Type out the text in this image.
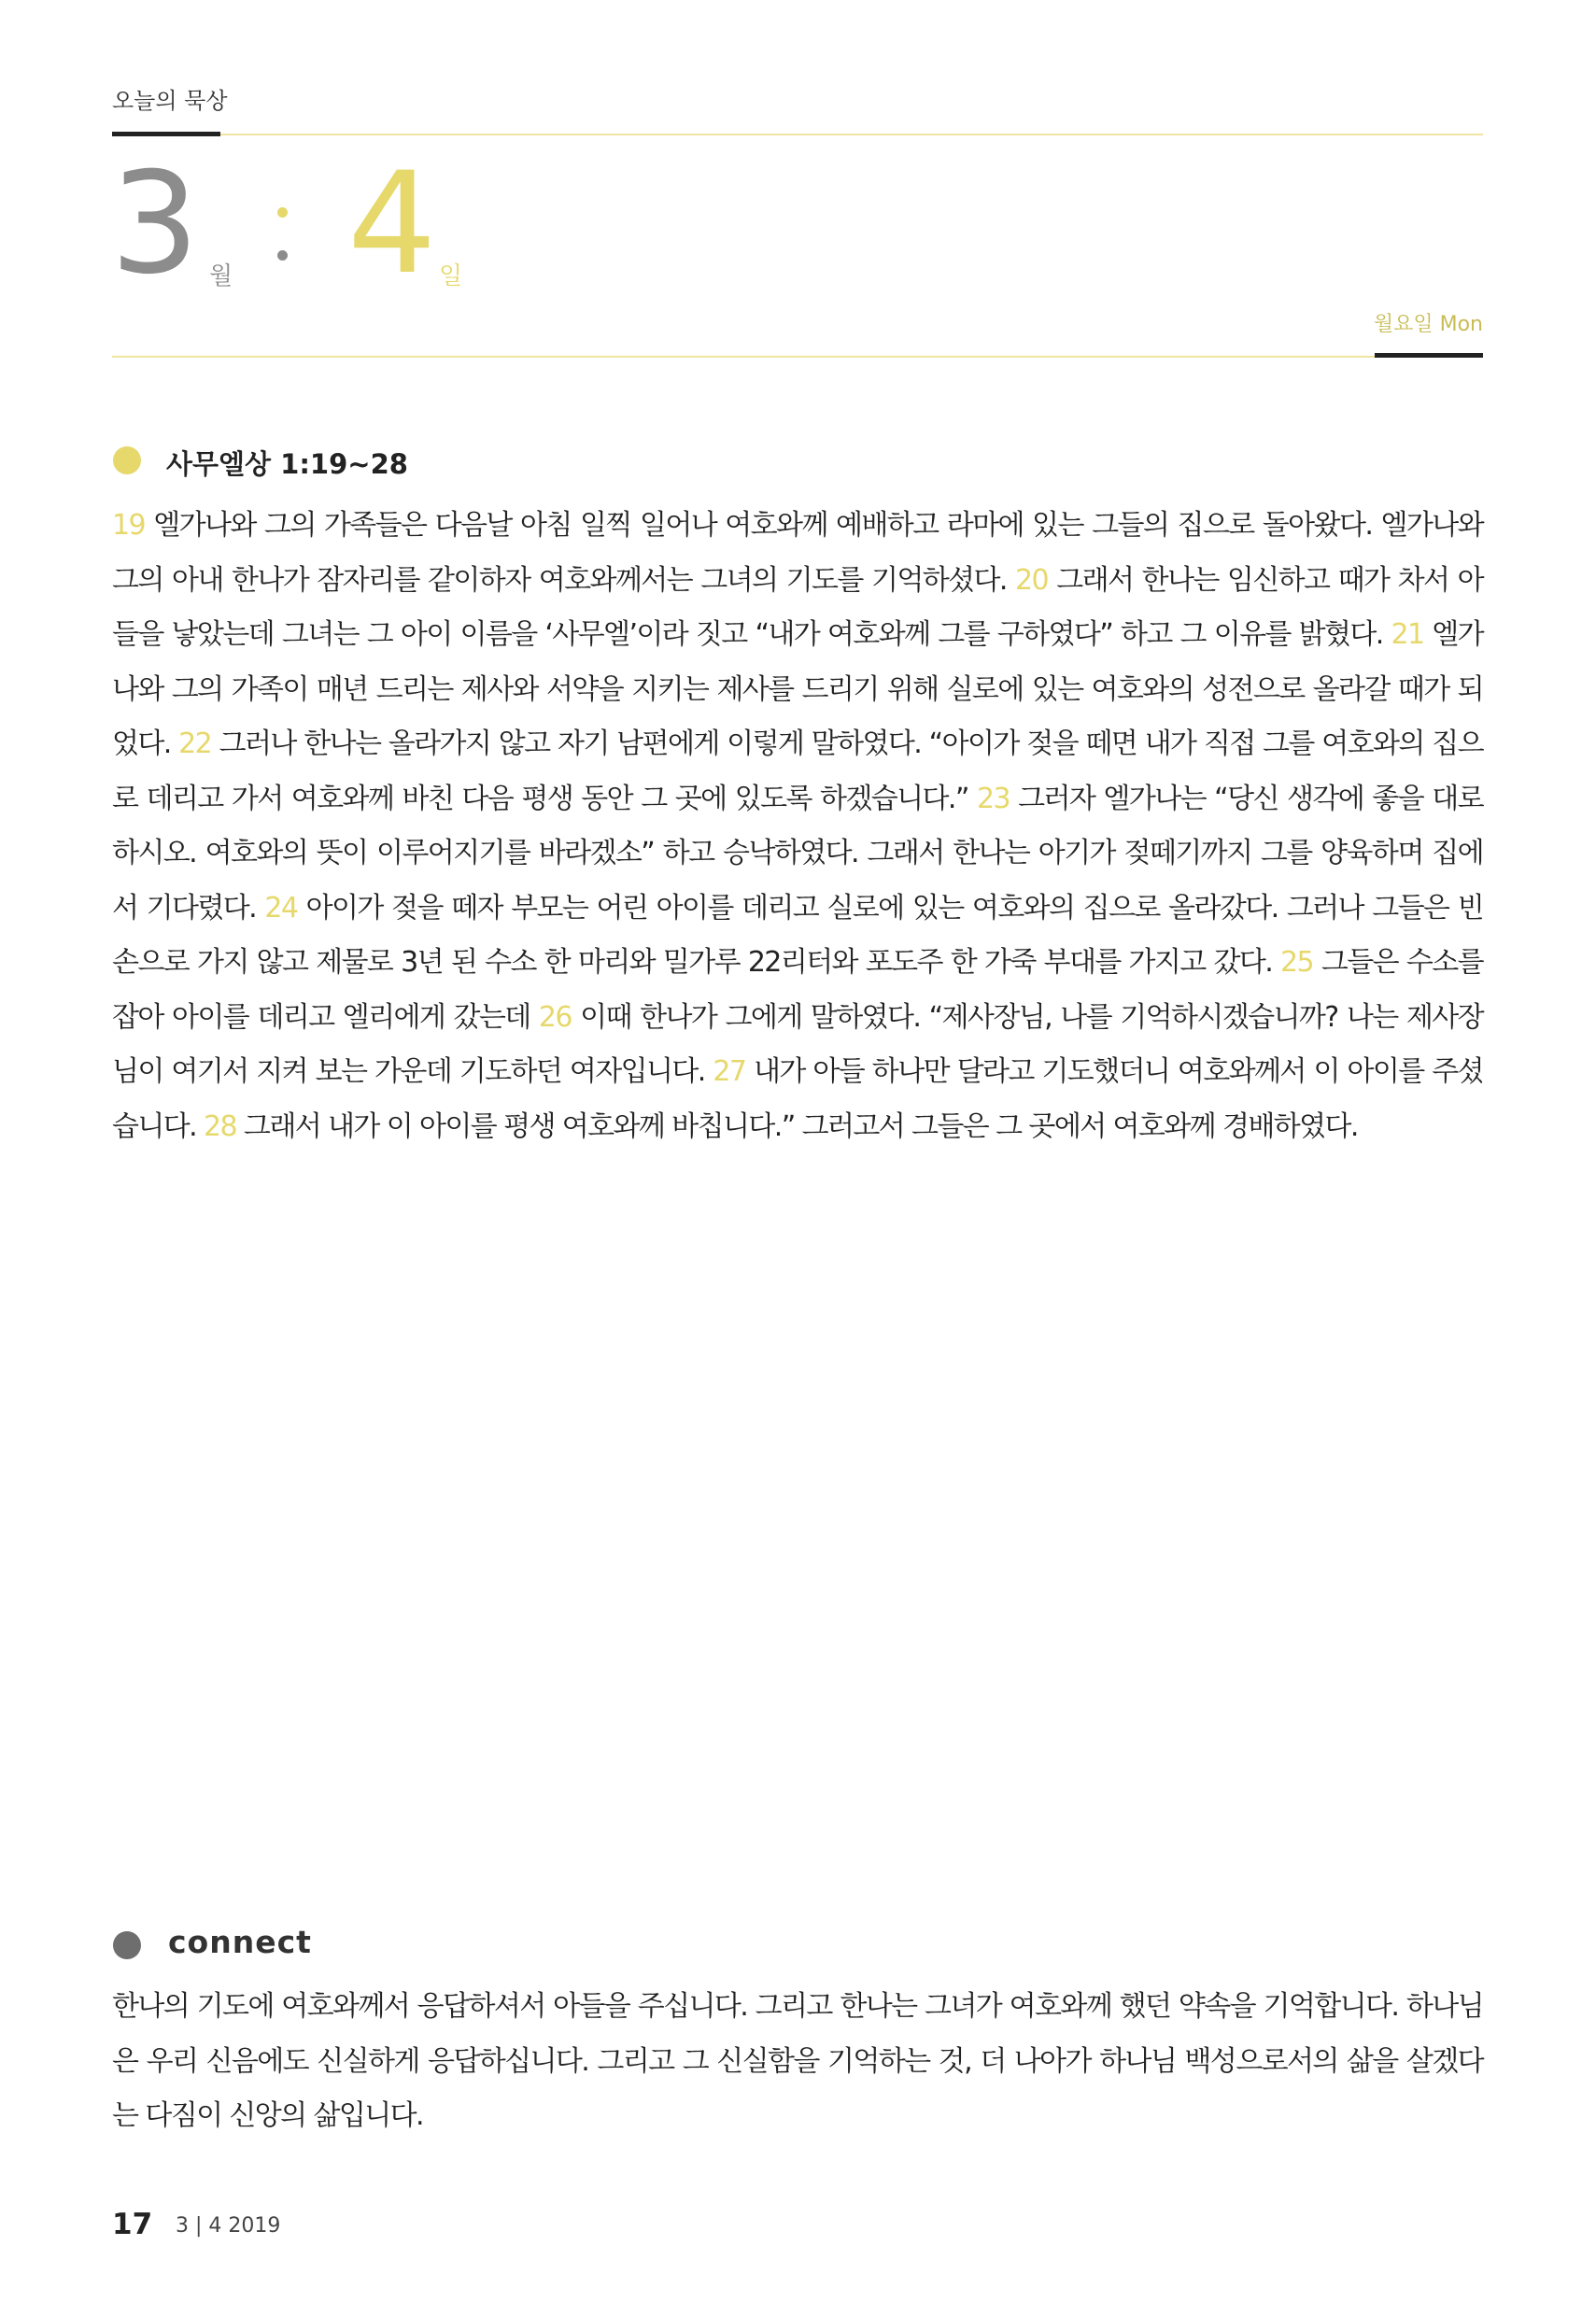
오늘의 묵상
3 월 4 일
월요일 Mon
사무엘상 1:19~28
19 엘가나와 그의 가족들은 다음날 아침 일찍 일어나 여호와께 예배하고 라마에 있는 그들의 집으로 돌아왔다. 엘가나와 그의 아내 한나가 잠자리를 같이하자 여호와께서는 그녀의 기도를 기억하셨다. 20 그래서 한나는 임신하고 때가 차서 아들을 낳았는데 그녀는 그 아이 이름을 ‘사무엘’이라 짓고 “내가 여호와께 그를 구하였다” 하고 그 이유를 밝혔다. 21 엘가나와 그의 가족이 매년 드리는 제사와 서약을 지키는 제사를 드리기 위해 실로에 있는 여호와의 성전으로 올라갈 때가 되었다. 22 그러나 한나는 올라가지 않고 자기 남편에게 이렇게 말하였다. “아이가 젖을 떼면 내가 직접 그를 여호와의 집으로 데리고 가서 여호와께 바친 다음 평생 동안 그 곳에 있도록 하겠습니다.” 23 그러자 엘가나는 “당신 생각에 좋을 대로 하시오. 여호와의 뜻이 이루어지기를 바라겠소” 하고 승낙하였다. 그래서 한나는 아기가 젖떼기까지 그를 양육하며 집에서 기다렸다. 24 아이가 젖을 떼자 부모는 어린 아이를 데리고 실로에 있는 여호와의 집으로 올라갔다. 그러나 그들은 빈손으로 가지 않고 제물로 3년 된 수소 한 마리와 밀가루 22리터와 포도주 한 가죽 부대를 가지고 갔다. 25 그들은 수소를 잡아 아이를 데리고 엘리에게 갔는데 26 이때 한나가 그에게 말하였다. “제사장님, 나를 기억하시겠습니까? 나는 제사장님이 여기서 지켜 보는 가운데 기도하던 여자입니다. 27 내가 아들 하나만 달라고 기도했더니 여호와께서 이 아이를 주셨습니다. 28 그래서 내가 이 아이를 평생 여호와께 바칩니다.” 그러고서 그들은 그 곳에서 여호와께 경배하였다.
connect
한나의 기도에 여호와께서 응답하셔서 아들을 주십니다. 그리고 한나는 그녀가 여호와께 했던 약속을 기억합니다. 하나님은 우리 신음에도 신실하게 응답하십니다. 그리고 그 신실함을 기억하는 것, 더 나아가 하나님 백성으로서의 삶을 살겠다는 다짐이 신앙의 삶입니다.
17 3 | 4 2019
